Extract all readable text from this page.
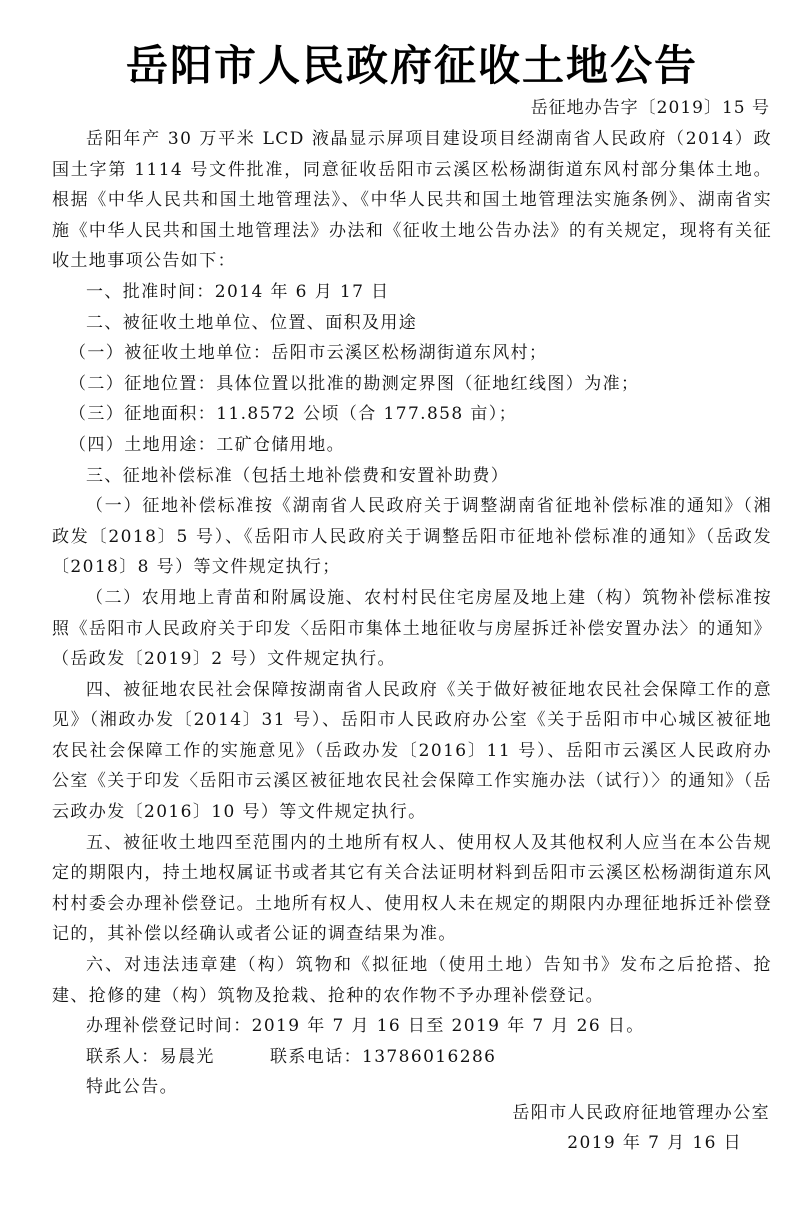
岳阳市人民政府征收土地公告
岳征地办告字〔2019〕15 号

岳阳年产 30 万平米 LCD 液晶显示屏项目建设项目经湖南省人民政府（2014）政国土字第 1114 号文件批准，同意征收岳阳市云溪区松杨湖街道东风村部分集体土地。根据《中华人民共和国土地管理法》、《中华人民共和国土地管理法实施条例》、湖南省实施《中华人民共和国土地管理法》办法和《征收土地公告办法》的有关规定，现将有关征收土地事项公告如下：

一、批准时间：2014 年 6 月 17 日

二、被征收土地单位、位置、面积及用途

（一）被征收土地单位：岳阳市云溪区松杨湖街道东风村；

（二）征地位置：具体位置以批准的勘测定界图（征地红线图）为准；

（三）征地面积：11.8572 公顷（合 177.858 亩）；

（四）土地用途：工矿仓储用地。

三、征地补偿标准（包括土地补偿费和安置补助费）

（一）征地补偿标准按《湖南省人民政府关于调整湖南省征地补偿标准的通知》（湘政发〔2018〕5 号）、《岳阳市人民政府关于调整岳阳市征地补偿标准的通知》（岳政发〔2018〕8 号）等文件规定执行；

（二）农用地上青苗和附属设施、农村村民住宅房屋及地上建（构）筑物补偿标准按照《岳阳市人民政府关于印发〈岳阳市集体土地征收与房屋拆迁补偿安置办法〉的通知》（岳政发〔2019〕2 号）文件规定执行。

四、被征地农民社会保障按湖南省人民政府《关于做好被征地农民社会保障工作的意见》（湘政办发〔2014〕31 号）、岳阳市人民政府办公室《关于岳阳市中心城区被征地农民社会保障工作的实施意见》（岳政办发〔2016〕11 号）、岳阳市云溪区人民政府办公室《关于印发〈岳阳市云溪区被征地农民社会保障工作实施办法（试行）〉的通知》（岳云政办发〔2016〕10 号）等文件规定执行。

五、被征收土地四至范围内的土地所有权人、使用权人及其他权利人应当在本公告规定的期限内，持土地权属证书或者其它有关合法证明材料到岳阳市云溪区松杨湖街道东风村村委会办理补偿登记。土地所有权人、使用权人未在规定的期限内办理征地拆迁补偿登记的，其补偿以经确认或者公证的调查结果为准。

六、对违法违章建（构）筑物和《拟征地（使用土地）告知书》发布之后抢搭、抢建、抢修的建（构）筑物及抢栽、抢种的农作物不予办理补偿登记。

办理补偿登记时间：2019 年 7 月 16 日至 2019 年 7 月 26 日。

联系人：易晨光　　　联系电话：13786016286

特此公告。

岳阳市人民政府征地管理办公室
2019 年 7 月 16 日
